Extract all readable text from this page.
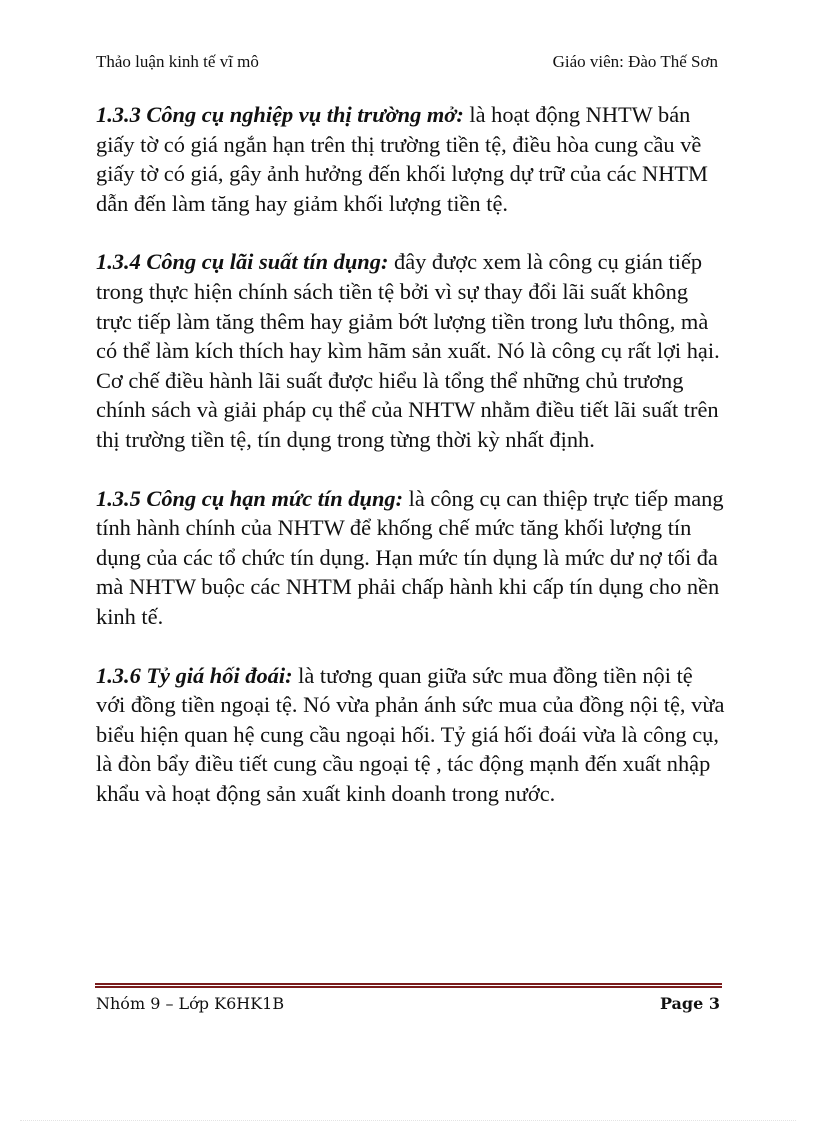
Thảo luận kinh tế vĩ mô	Giáo viên: Đào Thế Sơn

1.3.3 Công cụ nghiệp vụ thị trường mở: là hoạt động NHTW bán giấy tờ có giá ngắn hạn trên thị trường tiền tệ, điều hòa cung cầu về giấy tờ có giá, gây ảnh hưởng đến khối lượng dự trữ của các NHTM dẫn đến làm tăng hay giảm khối lượng tiền tệ.

1.3.4 Công cụ lãi suất tín dụng: đây được xem là công cụ gián tiếp trong thực hiện chính sách tiền tệ bởi vì sự thay đổi lãi suất không trực tiếp làm tăng thêm hay giảm bớt lượng tiền trong lưu thông, mà có thể làm kích thích hay kìm hãm sản xuất. Nó là công cụ rất lợi hại. Cơ chế điều hành lãi suất được hiểu là tổng thể những chủ trương chính sách và giải pháp cụ thể của NHTW nhằm điều tiết lãi suất trên thị trường tiền tệ, tín dụng trong từng thời kỳ nhất định.

1.3.5 Công cụ hạn mức tín dụng: là công cụ can thiệp trực tiếp mang tính hành chính của NHTW để khống chế mức tăng khối lượng tín dụng của các tổ chức tín dụng. Hạn mức tín dụng là mức dư nợ tối đa mà NHTW buộc các NHTM phải chấp hành khi cấp tín dụng cho nền kinh tế.

1.3.6 Tỷ giá hối đoái: là tương quan giữa sức mua đồng tiền nội tệ với đồng tiền ngoại tệ. Nó vừa phản ánh sức mua của đồng nội tệ, vừa biểu hiện quan hệ cung cầu ngoại hối. Tỷ giá hối đoái vừa là công cụ, là đòn bẩy điều tiết cung cầu ngoại tệ , tác động mạnh đến xuất nhập khẩu và hoạt động sản xuất kinh doanh trong nước.

Nhóm 9 – Lớp K6HK1B	Page 3
